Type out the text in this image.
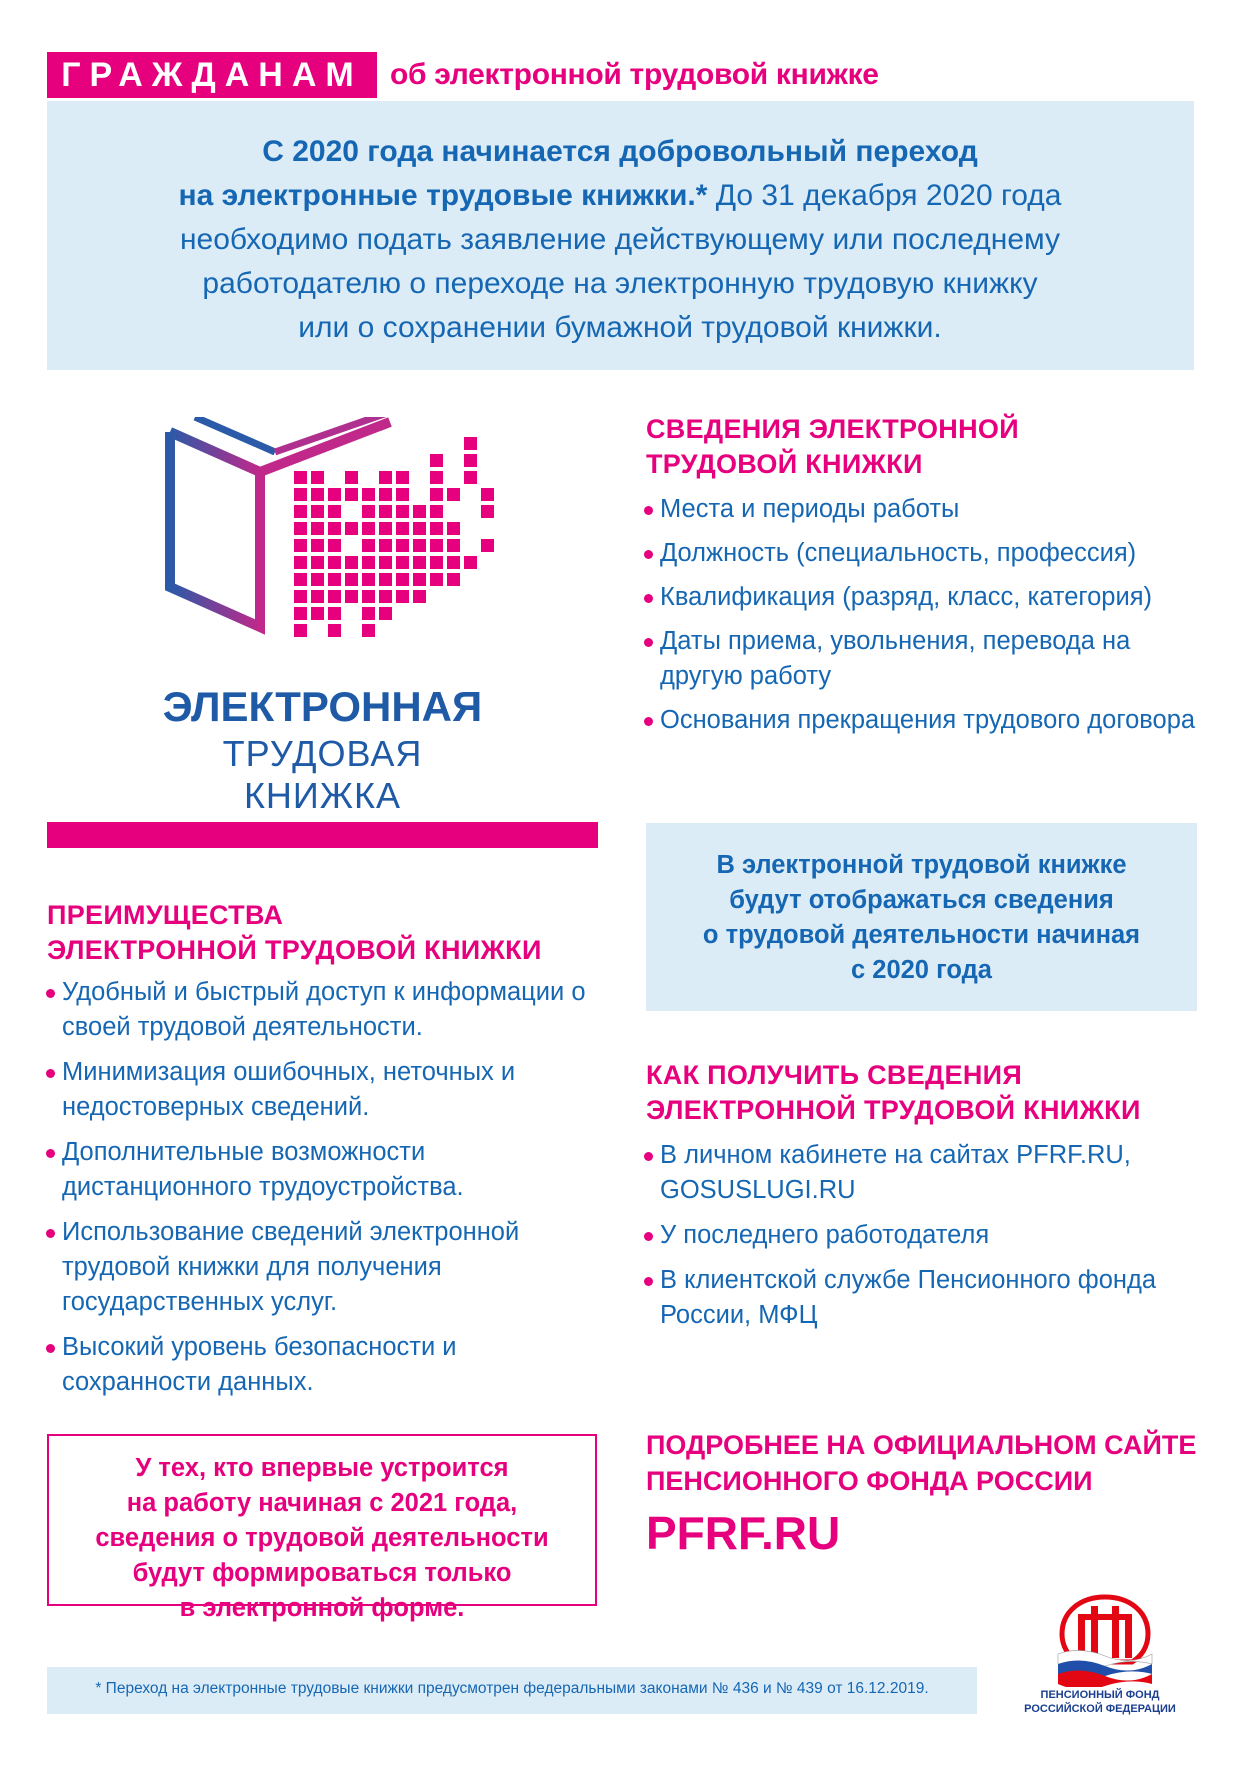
ГРАЖДАНАМ об электронной трудовой книжке
С 2020 года начинается добровольный переход
на электронные трудовые книжки.* До 31 декабря 2020 года
необходимо подать заявление действующему или последнему
работодателю о переходе на электронную трудовую книжку
или о сохранении бумажной трудовой книжки.
ЭЛЕКТРОННАЯ
ТРУДОВАЯ КНИЖКА
СВЕДЕНИЯ ЭЛЕКТРОННОЙ
ТРУДОВОЙ КНИЖКИ
Места и периоды работы
Должность (специальность, профессия)
Квалификация (разряд, класс, категория)
Даты приема, увольнения, перевода на другую работу
Основания прекращения трудового договора
В электронной трудовой книжке
будут отображаться сведения
о трудовой деятельности начиная
с 2020 года
ПРЕИМУЩЕСТВА
ЭЛЕКТРОННОЙ ТРУДОВОЙ КНИЖКИ
Удобный и быстрый доступ к информации о своей трудовой деятельности.
Минимизация ошибочных, неточных и недостоверных сведений.
Дополнительные возможности дистанционного трудоустройства.
Использование сведений электронной трудовой книжки для получения государственных услуг.
Высокий уровень безопасности и сохранности данных.
КАК ПОЛУЧИТЬ СВЕДЕНИЯ
ЭЛЕКТРОННОЙ ТРУДОВОЙ КНИЖКИ
В личном кабинете на сайтах PFRF.RU, GOSUSLUGI.RU
У последнего работодателя
В клиентской службе Пенсионного фонда России, МФЦ
У тех, кто впервые устроится
на работу начиная с 2021 года,
сведения о трудовой деятельности
будут формироваться только
в электронной форме.
ПОДРОБНЕЕ НА ОФИЦИАЛЬНОМ САЙТЕ
ПЕНСИОННОГО ФОНДА РОССИИ
PFRF.RU
* Переход на электронные трудовые книжки предусмотрен федеральными законами № 436 и № 439 от 16.12.2019.	ПЕНСИОННЫЙ ФОНД
РОССИЙСКОЙ ФЕДЕРАЦИИ
